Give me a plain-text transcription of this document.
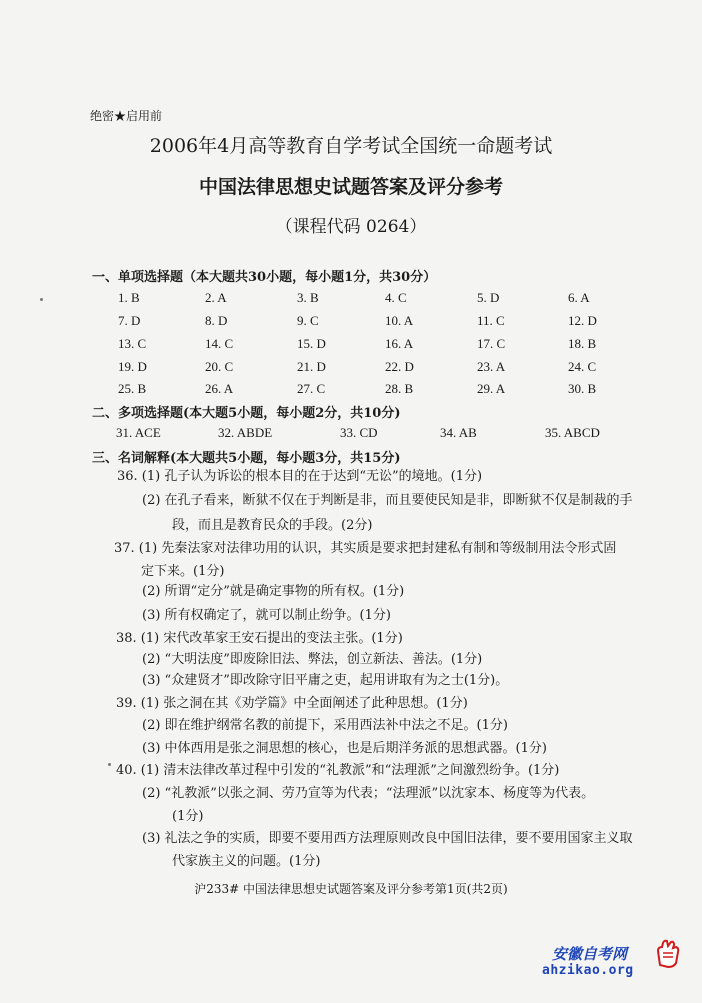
绝密★启用前
2006年4月高等教育自学考试全国统一命题考试
中国法律思想史试题答案及评分参考
（课程代码 0264）
一、单项选择题（本大题共30小题，每小题1分，共30分）
1. B	2. A	3. B	4. C	5. D	6. A
7. D	8. D	9. C	10. A	11. C	12. D
13. C	14. C	15. D	16. A	17. C	18. B
19. D	20. C	21. D	22. D	23. A	24. C
25. B	26. A	27. C	28. B	29. A	30. B
二、多项选择题(本大题5小题，每小题2分，共10分)
31. ACE	32. ABDE	33. CD	34. AB	35. ABCD
三、名词解释(本大题共5小题，每小题3分，共15分)
36. (1) 孔子认为诉讼的根本目的在于达到“无讼”的境地。(1分)
(2) 在孔子看来，断狱不仅在于判断是非，而且要使民知是非，即断狱不仅是制裁的手
段，而且是教育民众的手段。(2分)
37. (1) 先秦法家对法律功用的认识，其实质是要求把封建私有制和等级制用法令形式固
定下来。(1分)
(2) 所谓“定分”就是确定事物的所有权。(1分)
(3) 所有权确定了，就可以制止纷争。(1分)
38. (1) 宋代改革家王安石提出的变法主张。(1分)
(2) “大明法度”即废除旧法、弊法，创立新法、善法。(1分)
(3) “众建贤才”即改除守旧平庸之吏，起用讲取有为之士(1分)。
39. (1) 张之洞在其《劝学篇》中全面阐述了此种思想。(1分)
(2) 即在维护纲常名教的前提下，采用西法补中法之不足。(1分)
(3) 中体西用是张之洞思想的核心，也是后期洋务派的思想武器。(1分)
40. (1) 清末法律改革过程中引发的“礼教派”和“法理派”之间激烈纷争。(1分)
(2) “礼教派”以张之洞、劳乃宣等为代表；“法理派”以沈家本、杨度等为代表。
(1分)
(3) 礼法之争的实质，即要不要用西方法理原则改良中国旧法律，要不要用国家主义取
代家族主义的问题。(1分)
沪233# 中国法律思想史试题答案及评分参考第1页(共2页)
安徽自考网
ahzikao.org
